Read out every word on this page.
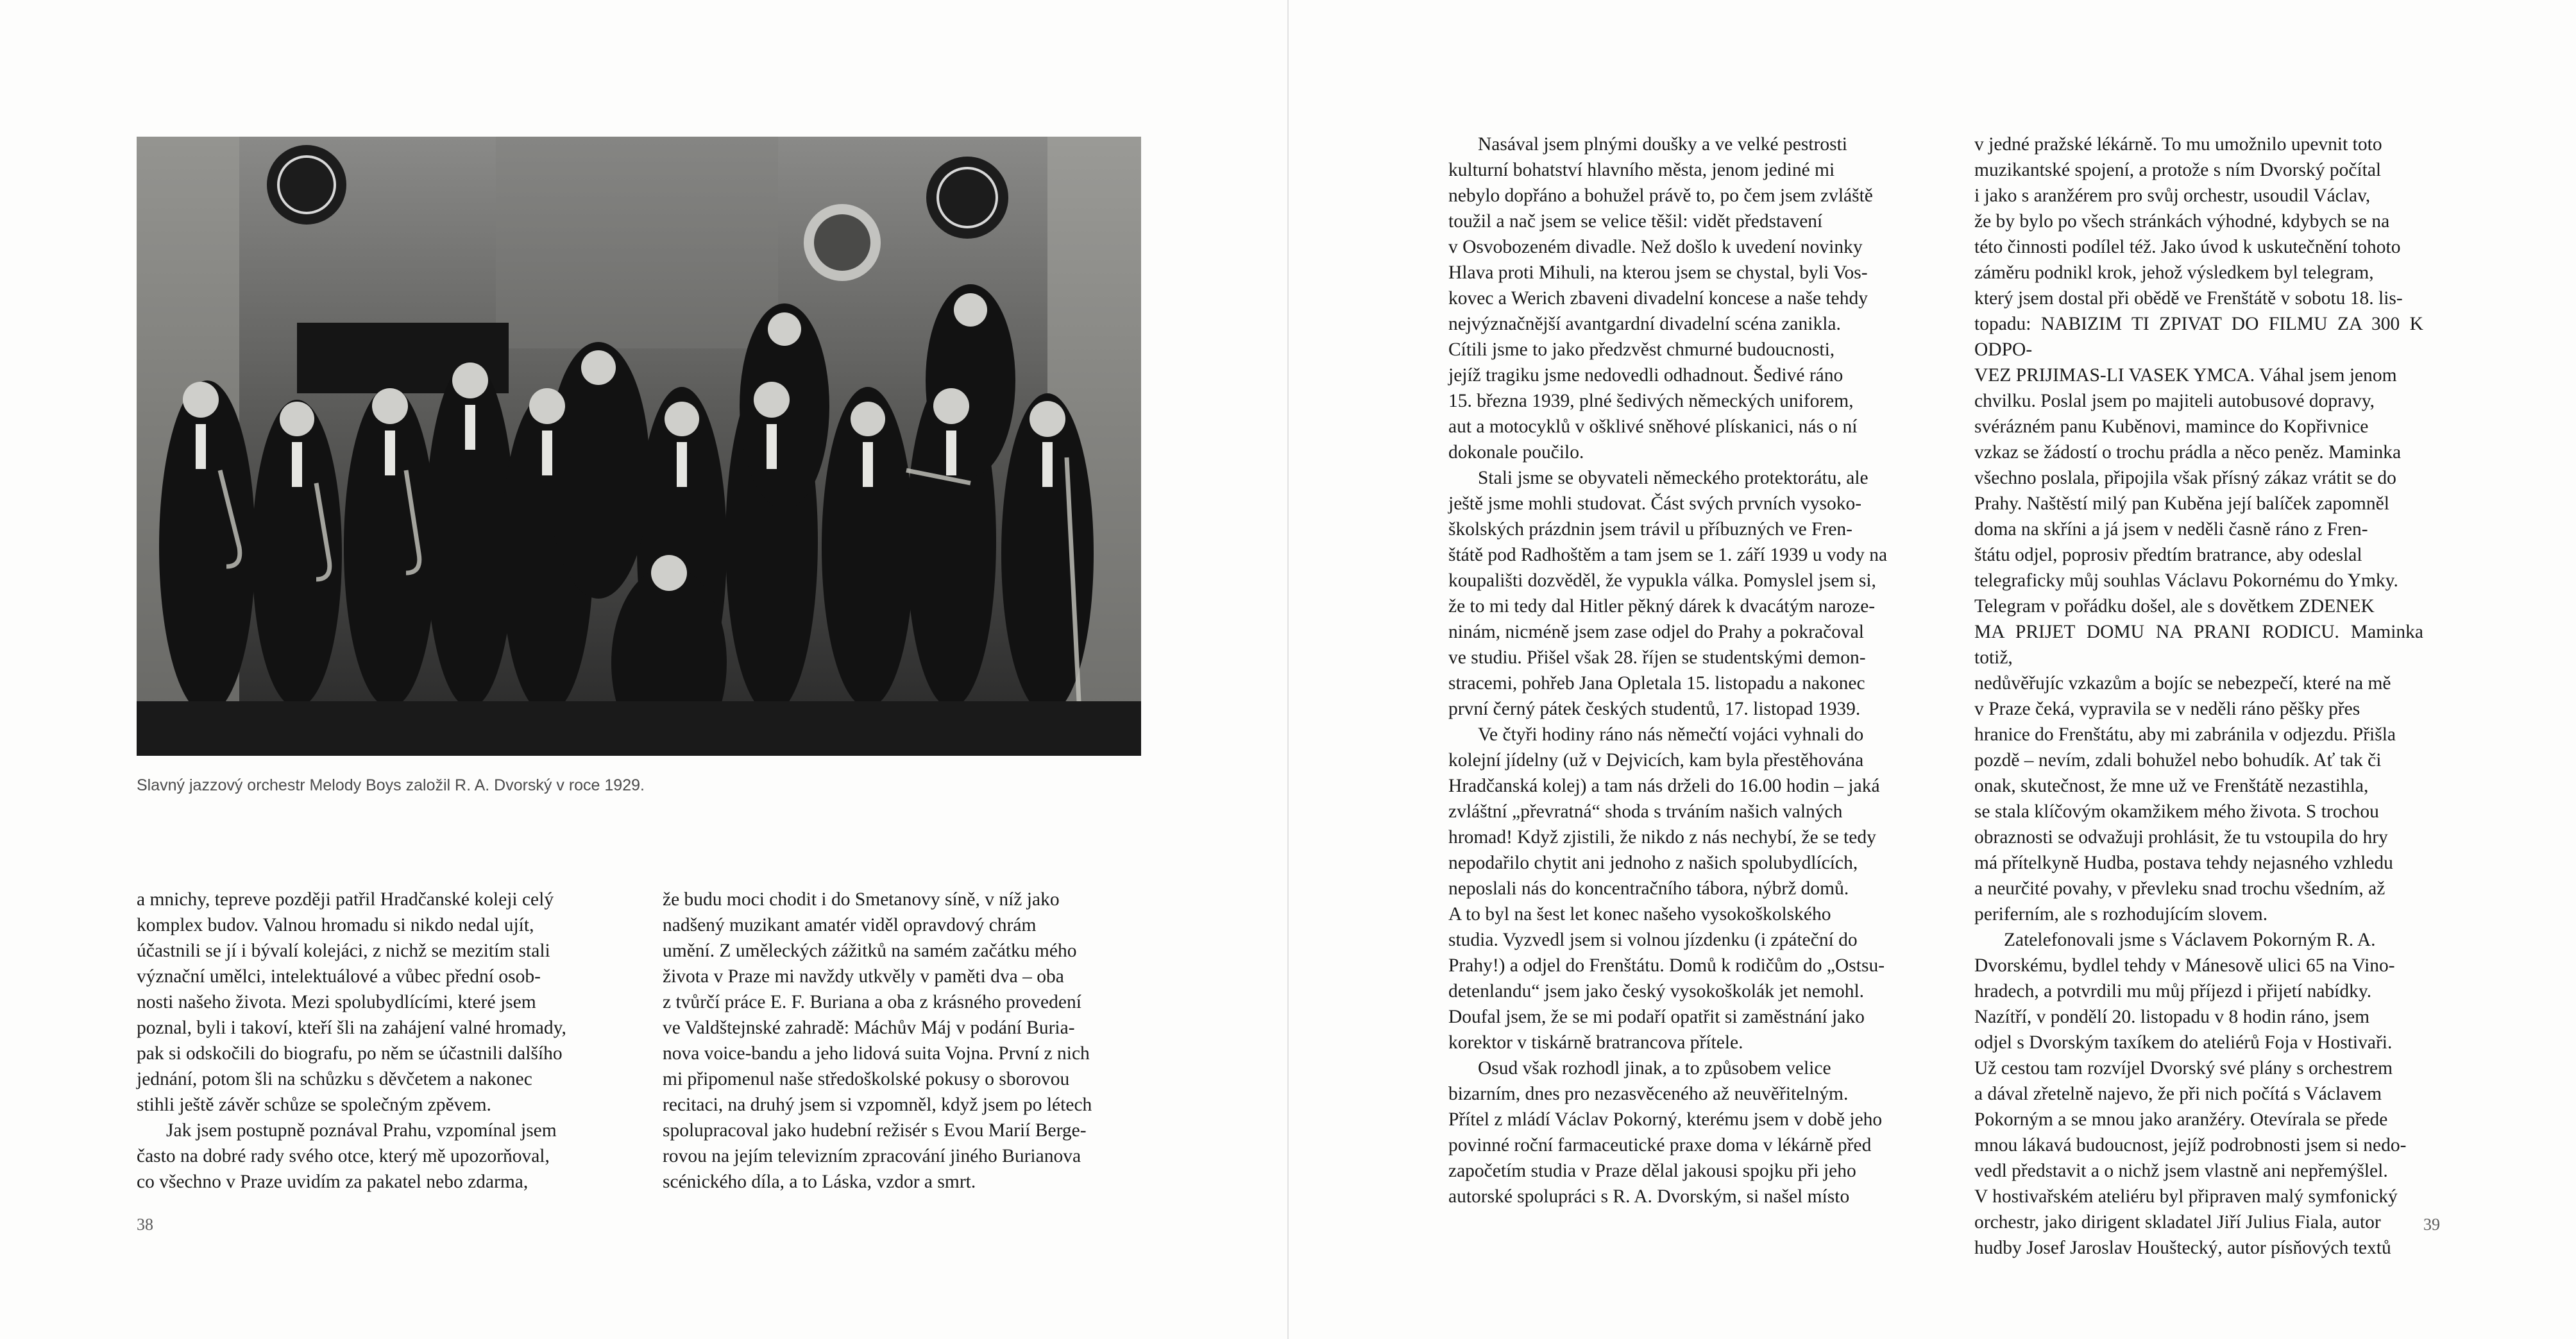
Slavný jazzový orchestr Melody Boys založil R. A. Dvorský v roce 1929.

a mnichy, tepreve později patřil Hradčanské koleji celý
komplex budov. Valnou hromadu si nikdo nedal ujít,
účastnili se jí i bývalí kolejáci, z nichž se mezitím stali
význační umělci, intelektuálové a vůbec přední osob-
nosti našeho života. Mezi spolubydlícími, které jsem
poznal, byli i takoví, kteří šli na zahájení valné hromady,
pak si odskočili do biografu, po něm se účastnili dalšího
jednání, potom šli na schůzku s děvčetem a nakonec
stihli ještě závěr schůze se společným zpěvem.

Jak jsem postupně poznával Prahu, vzpomínal jsem
často na dobré rady svého otce, který mě upozorňoval,
co všechno v Praze uvidím za pakatel nebo zdarma,

že budu moci chodit i do Smetanovy síně, v níž jako
nadšený muzikant amatér viděl opravdový chrám
umění. Z uměleckých zážitků na samém začátku mého
života v Praze mi navždy utkvěly v paměti dva – oba
z tvůrčí práce E. F. Buriana a oba z krásného provedení
ve Valdštejnské zahradě: Máchův Máj v podání Buria-
nova voice-bandu a jeho lidová suita Vojna. První z nich
mi připomenul naše středoškolské pokusy o sborovou
recitaci, na druhý jsem si vzpomněl, když jsem po létech
spolupracoval jako hudební režisér s Evou Marií Berge-
rovou na jejím televizním zpracování jiného Burianova
scénického díla, a to Láska, vzdor a smrt.

38

Nasával jsem plnými doušky a ve velké pestrosti
kulturní bohatství hlavního města, jenom jediné mi
nebylo dopřáno a bohužel právě to, po čem jsem zvláště
toužil a nač jsem se velice těšil: vidět představení
v Osvobozeném divadle. Než došlo k uvedení novinky
Hlava proti Mihuli, na kterou jsem se chystal, byli Vos-
kovec a Werich zbaveni divadelní koncese a naše tehdy
nejvýznačnější avantgardní divadelní scéna zanikla.
Cítili jsme to jako předzvěst chmurné budoucnosti,
jejíž tragiku jsme nedovedli odhadnout. Šedivé ráno
15. března 1939, plné šedivých německých uniforem,
aut a motocyklů v ošklivé sněhové plískanici, nás o ní
dokonale poučilo.

Stali jsme se obyvateli německého protektorátu, ale
ještě jsme mohli studovat. Část svých prvních vysoko-
školských prázdnin jsem trávil u příbuzných ve Fren-
štátě pod Radhoštěm a tam jsem se 1. září 1939 u vody na
koupališti dozvěděl, že vypukla válka. Pomyslel jsem si,
že to mi tedy dal Hitler pěkný dárek k dvacátým naroze-
ninám, nicméně jsem zase odjel do Prahy a pokračoval
ve studiu. Přišel však 28. říjen se studentskými demon-
stracemi, pohřeb Jana Opletala 15. listopadu a nakonec
první černý pátek českých studentů, 17. listopad 1939.

Ve čtyři hodiny ráno nás němečtí vojáci vyhnali do
kolejní jídelny (už v Dejvicích, kam byla přestěhována
Hradčanská kolej) a tam nás drželi do 16.00 hodin – jaká
zvláštní „převratná“ shoda s trváním našich valných
hromad! Když zjistili, že nikdo z nás nechybí, že se tedy
nepodařilo chytit ani jednoho z našich spolubydlících,
neposlali nás do koncentračního tábora, nýbrž domů.
A to byl na šest let konec našeho vysokoškolského
studia. Vyzvedl jsem si volnou jízdenku (i zpáteční do
Prahy!) a odjel do Frenštátu. Domů k rodičům do „Ostsu-
detenlandu“ jsem jako český vysokoškolák jet nemohl.
Doufal jsem, že se mi podaří opatřit si zaměstnání jako
korektor v tiskárně bratrancova přítele.

Osud však rozhodl jinak, a to způsobem velice
bizarním, dnes pro nezasvěceného až neuvěřitelným.
Přítel z mládí Václav Pokorný, kterému jsem v době jeho
povinné roční farmaceutické praxe doma v lékárně před
započetím studia v Praze dělal jakousi spojku při jeho
autorské spolupráci s R. A. Dvorským, si našel místo

v jedné pražské lékárně. To mu umožnilo upevnit toto
muzikantské spojení, a protože s ním Dvorský počítal
i jako s aranžérem pro svůj orchestr, usoudil Václav,
že by bylo po všech stránkách výhodné, kdybych se na
této činnosti podílel též. Jako úvod k uskutečnění tohoto
záměru podnikl krok, jehož výsledkem byl telegram,
který jsem dostal při obědě ve Frenštátě v sobotu 18. lis-
topadu: NABIZIM TI ZPIVAT DO FILMU ZA 300 K ODPO-
VEZ PRIJIMAS-LI VASEK YMCA. Váhal jsem jenom
chvilku. Poslal jsem po majiteli autobusové dopravy,
svérázném panu Kuběnovi, mamince do Kopřivnice
vzkaz se žádostí o trochu prádla a něco peněz. Maminka
všechno poslala, připojila však přísný zákaz vrátit se do
Prahy. Naštěstí milý pan Kuběna její balíček zapomněl
doma na skříni a já jsem v neděli časně ráno z Fren-
štátu odjel, poprosiv předtím bratrance, aby odeslal
telegraficky můj souhlas Václavu Pokornému do Ymky.
Telegram v pořádku došel, ale s dovětkem ZDENEK
MA PRIJET DOMU NA PRANI RODICU. Maminka totiž,
nedůvěřujíc vzkazům a bojíc se nebezpečí, které na mě
v Praze čeká, vypravila se v neděli ráno pěšky přes
hranice do Frenštátu, aby mi zabránila v odjezdu. Přišla
pozdě – nevím, zdali bohužel nebo bohudík. Ať tak či
onak, skutečnost, že mne už ve Frenštátě nezastihla,
se stala klíčovým okamžikem mého života. S trochou
obraznosti se odvažuji prohlásit, že tu vstoupila do hry
má přítelkyně Hudba, postava tehdy nejasného vzhledu
a neurčité povahy, v převleku snad trochu všedním, až
periferním, ale s rozhodujícím slovem.

Zatelefonovali jsme s Václavem Pokorným R. A.
Dvorskému, bydlel tehdy v Mánesově ulici 65 na Vino-
hradech, a potvrdili mu můj příjezd i přijetí nabídky.
Nazítří, v pondělí 20. listopadu v 8 hodin ráno, jsem
odjel s Dvorským taxíkem do ateliérů Foja v Hostivaři.
Už cestou tam rozvíjel Dvorský své plány s orchestrem
a dával zřetelně najevo, že při nich počítá s Václavem
Pokorným a se mnou jako aranžéry. Otevírala se přede
mnou lákavá budoucnost, jejíž podrobnosti jsem si nedo-
vedl představit a o nichž jsem vlastně ani nepřemýšlel.
V hostivařském ateliéru byl připraven malý symfonický
orchestr, jako dirigent skladatel Jiří Julius Fiala, autor
hudby Josef Jaroslav Houštecký, autor písňových textů

39
